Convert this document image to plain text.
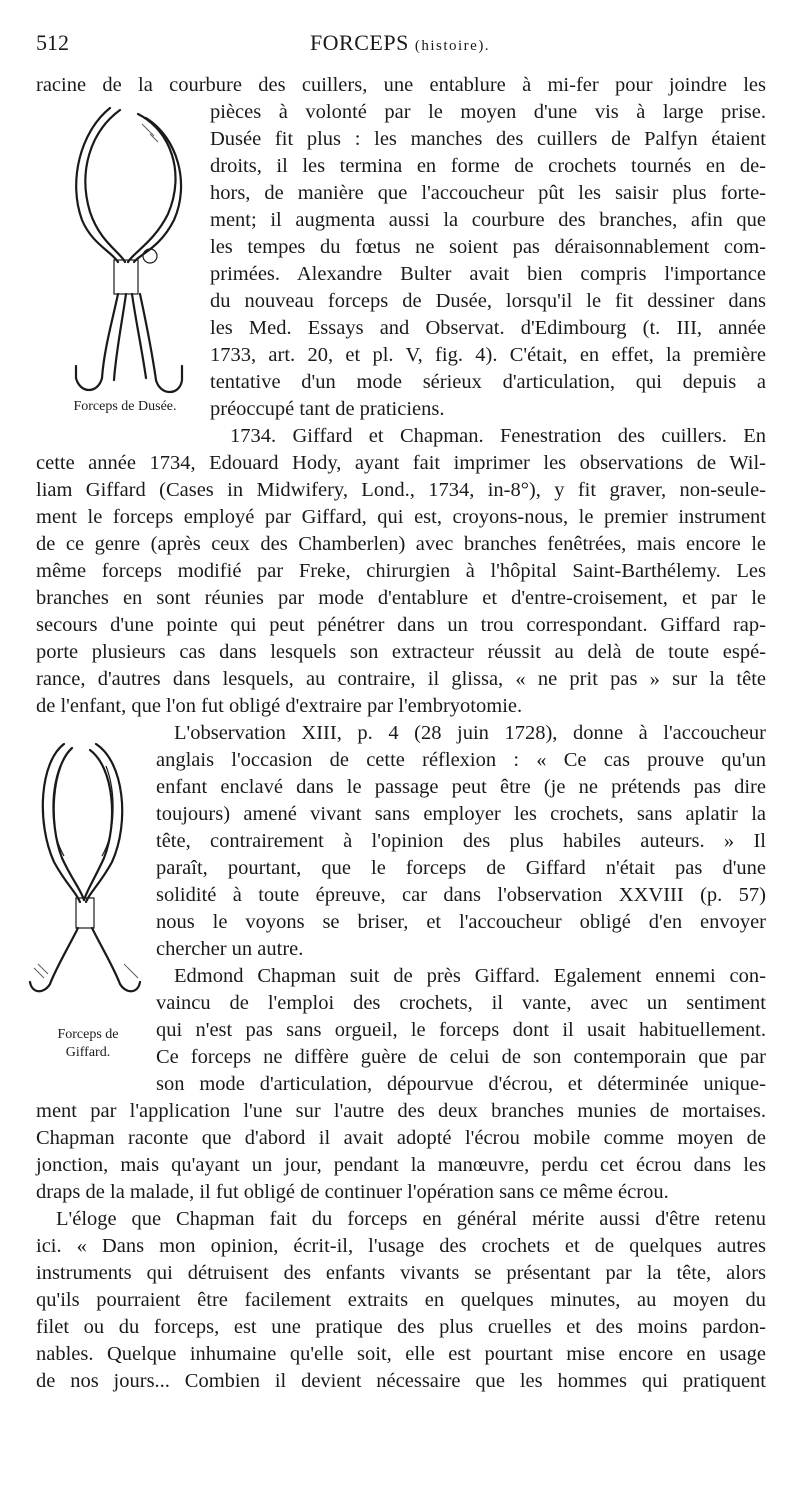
512	FORCEPS (histoire).
Forceps de Dusée.
Forceps de
Giffard.
racine de la courbure des cuillers, une entablure à mi-fer pour joindre les
pièces à volonté par le moyen d'une vis à large prise.
Dusée fit plus : les manches des cuillers de Palfyn étaient
droits, il les termina en forme de crochets tournés en de-
hors, de manière que l'accoucheur pût les saisir plus forte-
ment; il augmenta aussi la courbure des branches, afin que
les tempes du fœtus ne soient pas déraisonnablement com-
primées. Alexandre Bulter avait bien compris l'importance
du nouveau forceps de Dusée, lorsqu'il le fit dessiner dans
les Med. Essays and Observat. d'Edimbourg (t. III, année
1733, art. 20, et pl. V, fig. 4). C'était, en effet, la première
tentative d'un mode sérieux d'articulation, qui depuis a
préoccupé tant de praticiens.
1734. Giffard et Chapman. Fenestration des cuillers. En
cette année 1734, Edouard Hody, ayant fait imprimer les observations de Wil-
liam Giffard (Cases in Midwifery, Lond., 1734, in-8°), y fit graver, non-seule-
ment le forceps employé par Giffard, qui est, croyons-nous, le premier instrument
de ce genre (après ceux des Chamberlen) avec branches fenêtrées, mais encore le
même forceps modifié par Freke, chirurgien à l'hôpital Saint-Barthélemy. Les
branches en sont réunies par mode d'entablure et d'entre-croisement, et par le
secours d'une pointe qui peut pénétrer dans un trou correspondant. Giffard rap-
porte plusieurs cas dans lesquels son extracteur réussit au delà de toute espé-
rance, d'autres dans lesquels, au contraire, il glissa, « ne prit pas » sur la tête
de l'enfant, que l'on fut obligé d'extraire par l'embryotomie.
L'observation XIII, p. 4 (28 juin 1728), donne à l'accoucheur
anglais l'occasion de cette réflexion : « Ce cas prouve qu'un
enfant enclavé dans le passage peut être (je ne prétends pas dire
toujours) amené vivant sans employer les crochets, sans aplatir la
tête, contrairement à l'opinion des plus habiles auteurs. » Il
paraît, pourtant, que le forceps de Giffard n'était pas d'une
solidité à toute épreuve, car dans l'observation XXVIII (p. 57)
nous le voyons se briser, et l'accoucheur obligé d'en envoyer
chercher un autre.
Edmond Chapman suit de près Giffard. Egalement ennemi con-
vaincu de l'emploi des crochets, il vante, avec un sentiment
qui n'est pas sans orgueil, le forceps dont il usait habituellement.
Ce forceps ne diffère guère de celui de son contemporain que par
son mode d'articulation, dépourvue d'écrou, et déterminée unique-
ment par l'application l'une sur l'autre des deux branches munies de mortaises.
Chapman raconte que d'abord il avait adopté l'écrou mobile comme moyen de
jonction, mais qu'ayant un jour, pendant la manœuvre, perdu cet écrou dans les
draps de la malade, il fut obligé de continuer l'opération sans ce même écrou.
L'éloge que Chapman fait du forceps en général mérite aussi d'être retenu
ici. « Dans mon opinion, écrit-il, l'usage des crochets et de quelques autres
instruments qui détruisent des enfants vivants se présentant par la tête, alors
qu'ils pourraient être facilement extraits en quelques minutes, au moyen du
filet ou du forceps, est une pratique des plus cruelles et des moins pardon-
nables. Quelque inhumaine qu'elle soit, elle est pourtant mise encore en usage
de nos jours... Combien il devient nécessaire que les hommes qui pratiquent
